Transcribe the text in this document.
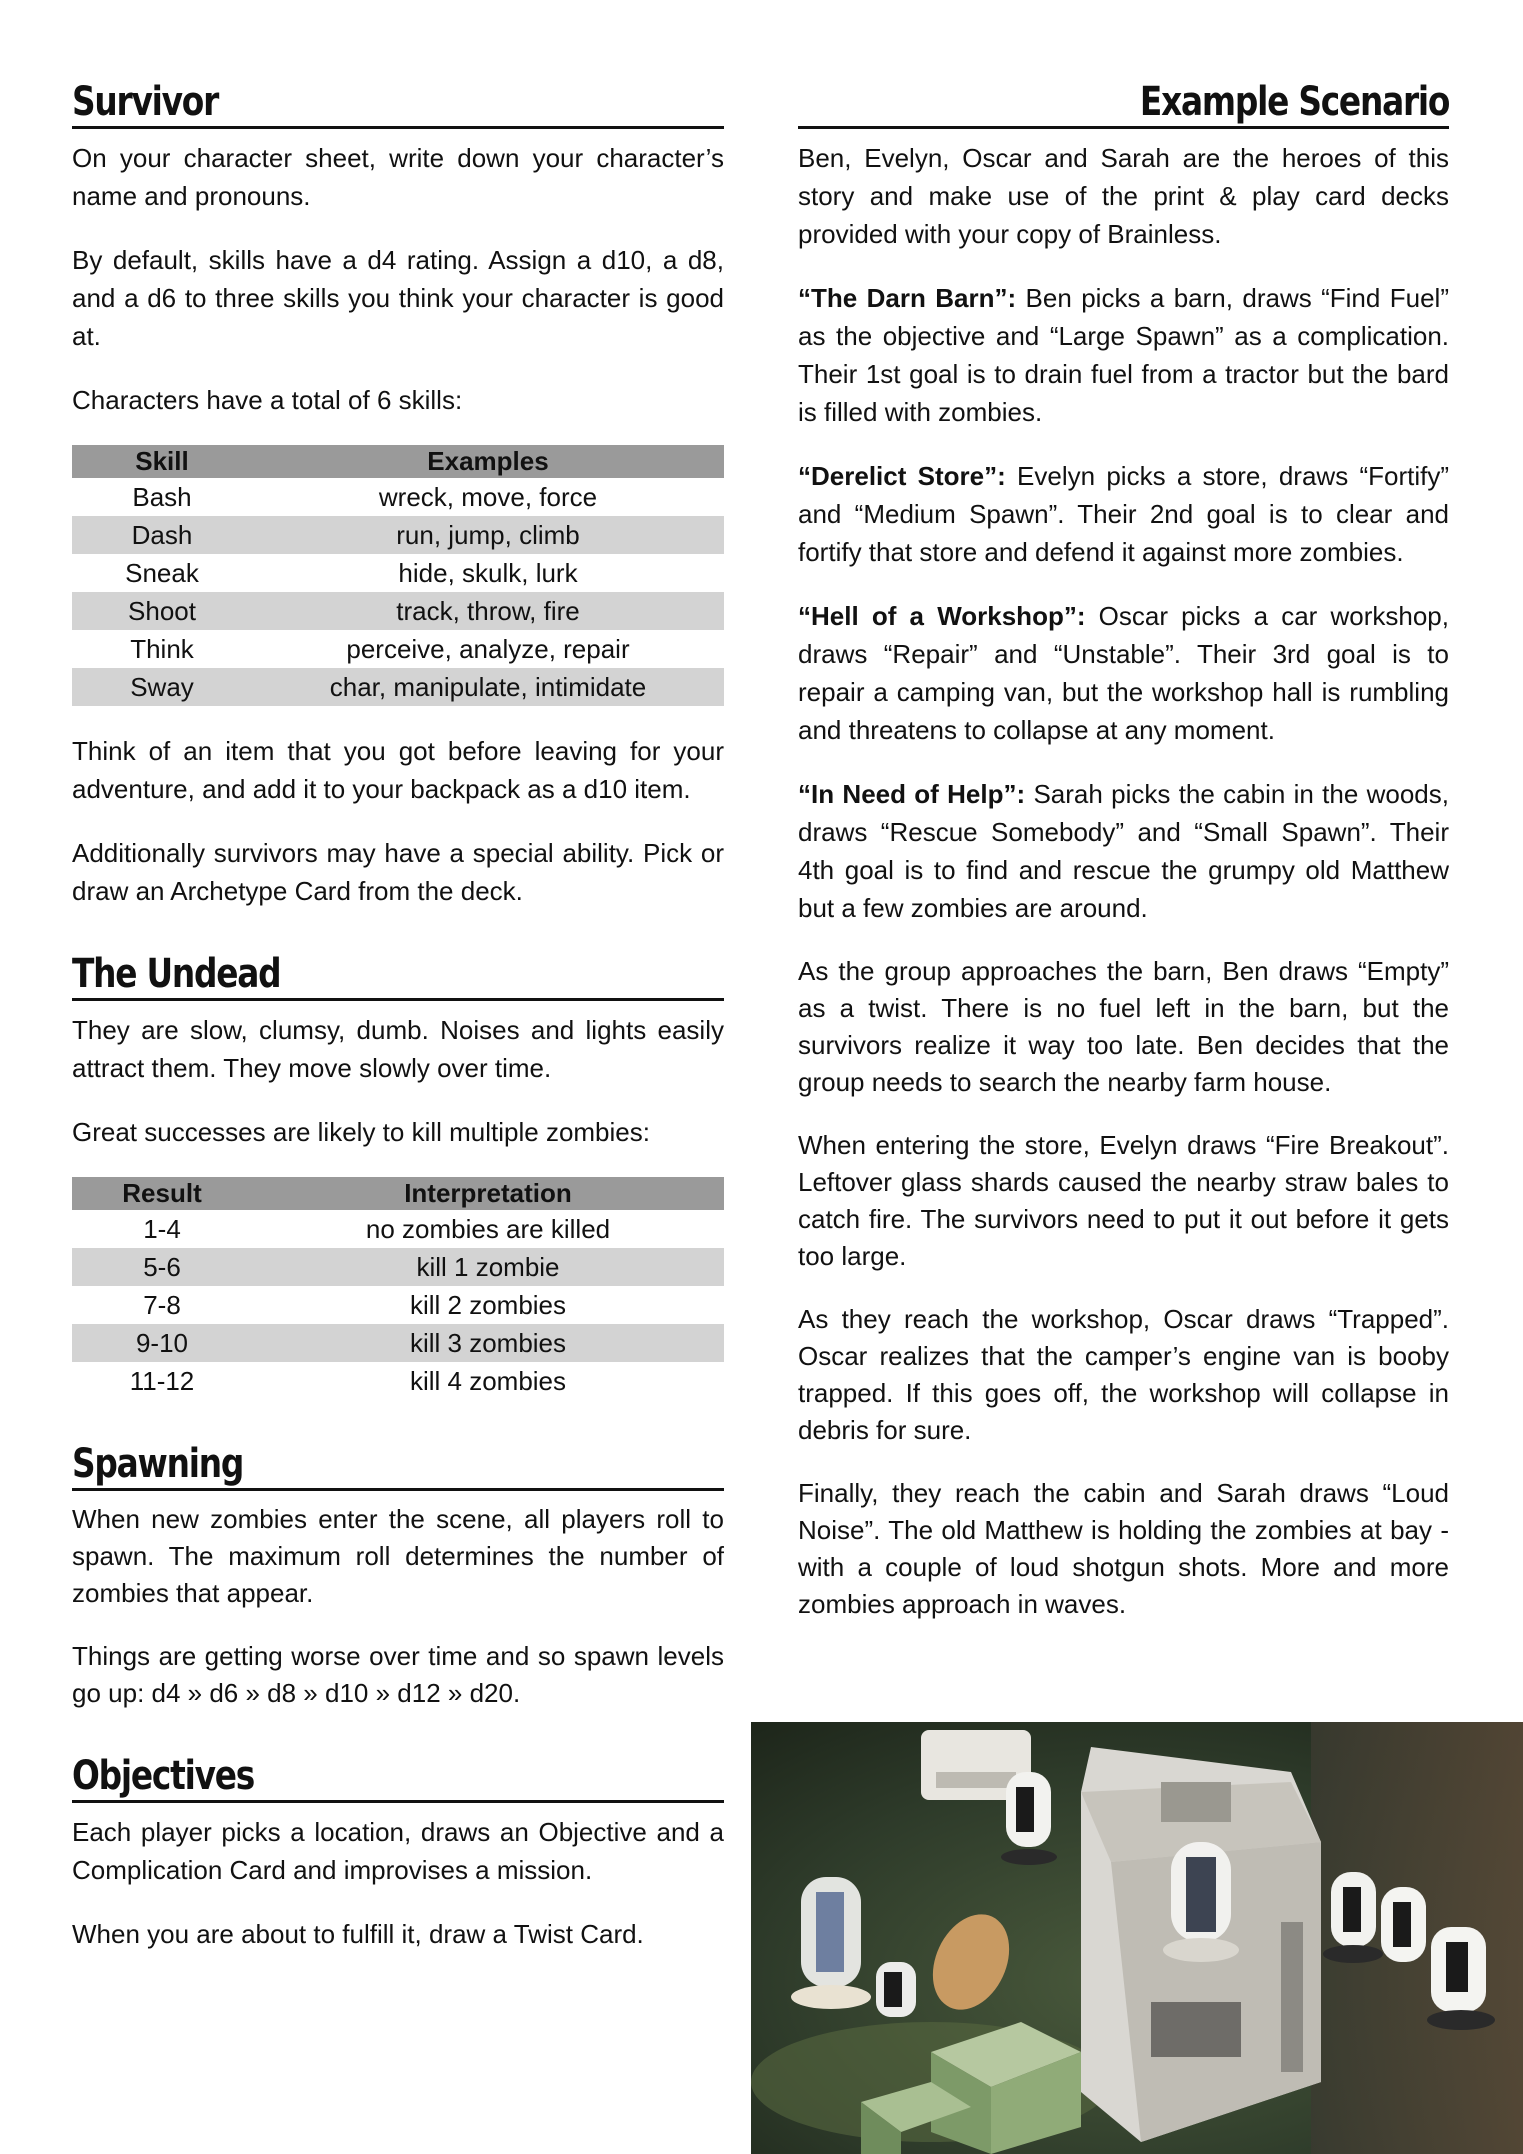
Survivor

On your character sheet, write down your character’s name and pronouns.

By default, skills have a d4 rating. Assign a d10, a d8, and a d6 to three skills you think your character is good at.

Characters have a total of 6 skills:

Skill	Examples
Bash	wreck, move, force
Dash	run, jump, climb
Sneak	hide, skulk, lurk
Shoot	track, throw, fire
Think	perceive, analyze, repair
Sway	char, manipulate, intimidate

Think of an item that you got before leaving for your adventure, and add it to your backpack as a d10 item.

Additionally survivors may have a special ability. Pick or draw an Archetype Card from the deck.

The Undead

They are slow, clumsy, dumb. Noises and lights easily attract them. They move slowly over time.

Great successes are likely to kill multiple zombies:

Result	Interpretation
1-4	no zombies are killed
5-6	kill 1 zombie
7-8	kill 2 zombies
9-10	kill 3 zombies
11-12	kill 4 zombies
Spawning

When new zombies enter the scene, all players roll to spawn. The maximum roll determines the number of zombies that appear.

Things are getting worse over time and so spawn levels go up: d4 » d6 » d8 » d10 » d12 » d20.

Objectives

Each player picks a location, draws an Objective and a Complication Card and improvises a mission.

When you are about to fulfill it, draw a Twist Card.

Example Scenario

Ben, Evelyn, Oscar and Sarah are the heroes of this story and make use of the print & play card decks provided with your copy of Brainless.

“The Darn Barn”: Ben picks a barn, draws “Find Fuel” as the objective and “Large Spawn” as a complication. Their 1st goal is to drain fuel from a tractor but the bard is filled with zombies.

“Derelict Store”: Evelyn picks a store, draws “Fortify” and “Medium Spawn”. Their 2nd goal is to clear and fortify that store and defend it against more zombies.

“Hell of a Workshop”: Oscar picks a car workshop, draws “Repair” and “Unstable”. Their 3rd goal is to repair a camping van, but the workshop hall is rumbling and threatens to collapse at any moment.

“In Need of Help”: Sarah picks the cabin in the woods, draws “Rescue Somebody” and “Small Spawn”. Their 4th goal is to find and rescue the grumpy old Matthew but a few zombies are around.

As the group approaches the barn, Ben draws “Empty” as a twist. There is no fuel left in the barn, but the survivors realize it way too late. Ben decides that the group needs to search the nearby farm house.

When entering the store, Evelyn draws “Fire Breakout”. Leftover glass shards caused the nearby straw bales to catch fire. The survivors need to put it out before it gets too large.

As they reach the workshop, Oscar draws “Trapped”. Oscar realizes that the camper’s engine van is booby trapped. If this goes off, the workshop will collapse in debris for sure.

Finally, they reach the cabin and Sarah draws “Loud Noise”. The old Matthew is holding the zombies at bay - with a couple of loud shotgun shots. More and more zombies approach in waves.
